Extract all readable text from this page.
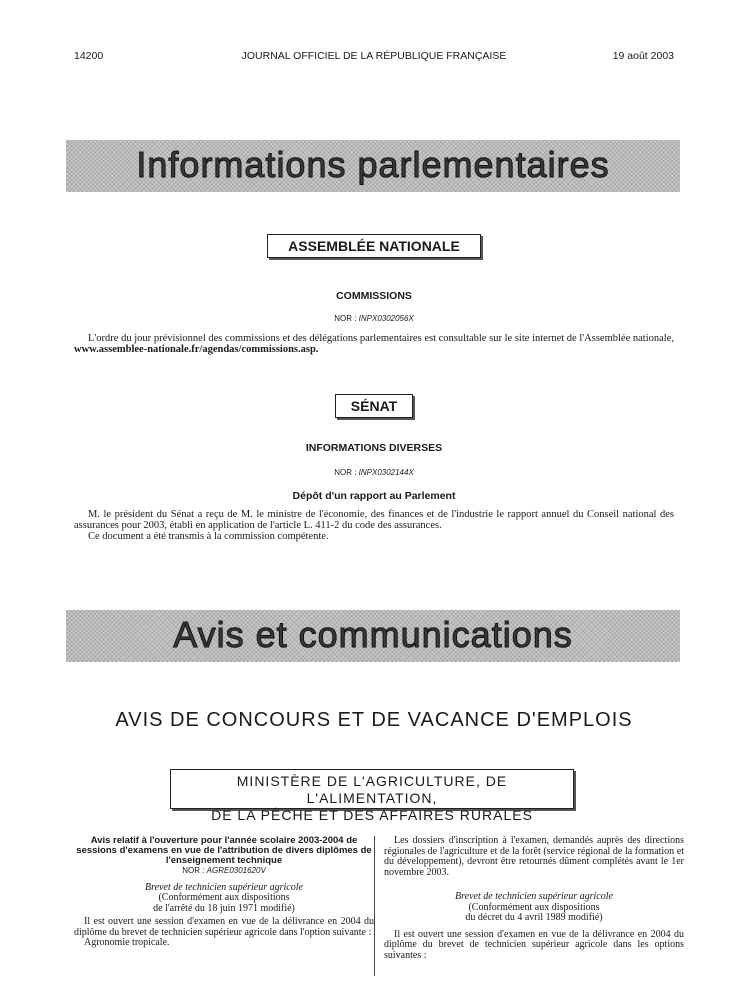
14200	JOURNAL OFFICIEL DE LA RÉPUBLIQUE FRANÇAISE	19 août 2003
Informations parlementaires
ASSEMBLÉE NATIONALE
COMMISSIONS
NOR : INPX0302056X

L'ordre du jour prévisionnel des commissions et des délégations parlementaires est consultable sur le site internet de l'Assemblée nationale, www.assemblee-nationale.fr/agendas/commissions.asp.

SÉNAT
INFORMATIONS DIVERSES
NOR : INPX0302144X
Dépôt d'un rapport au Parlement

M. le président du Sénat a reçu de M. le ministre de l'économie, des finances et de l'industrie le rapport annuel du Conseil national des assurances pour 2003, établi en application de l'article L. 411-2 du code des assurances.

Ce document a été transmis à la commission compétente.

Avis et communications
AVIS DE CONCOURS ET DE VACANCE D'EMPLOIS
MINISTÈRE DE L'AGRICULTURE, DE L'ALIMENTATION,
DE LA PÊCHE ET DES AFFAIRES RURALES

Avis relatif à l'ouverture pour l'année scolaire 2003-2004 de sessions d'examens en vue de l'attribution de divers diplômes de l'enseignement technique

NOR : AGRE0301620V

Brevet de technicien supérieur agricole

(Conformément aux dispositions

de l'arrêté du 18 juin 1971 modifié)

Il est ouvert une session d'examen en vue de la délivrance en 2004 du diplôme du brevet de technicien supérieur agricole dans l'option suivante :

Agronomie tropicale.

Les dossiers d'inscription à l'examen, demandés auprès des directions régionales de l'agriculture et de la forêt (service régional de la formation et du développement), devront être retournés dûment complétés avant le 1er novembre 2003.

Brevet de technicien supérieur agricole

(Conformément aux dispositions

du décret du 4 avril 1989 modifié)

Il est ouvert une session d'examen en vue de la délivrance en 2004 du diplôme du brevet de technicien supérieur agricole dans les options suivantes :
